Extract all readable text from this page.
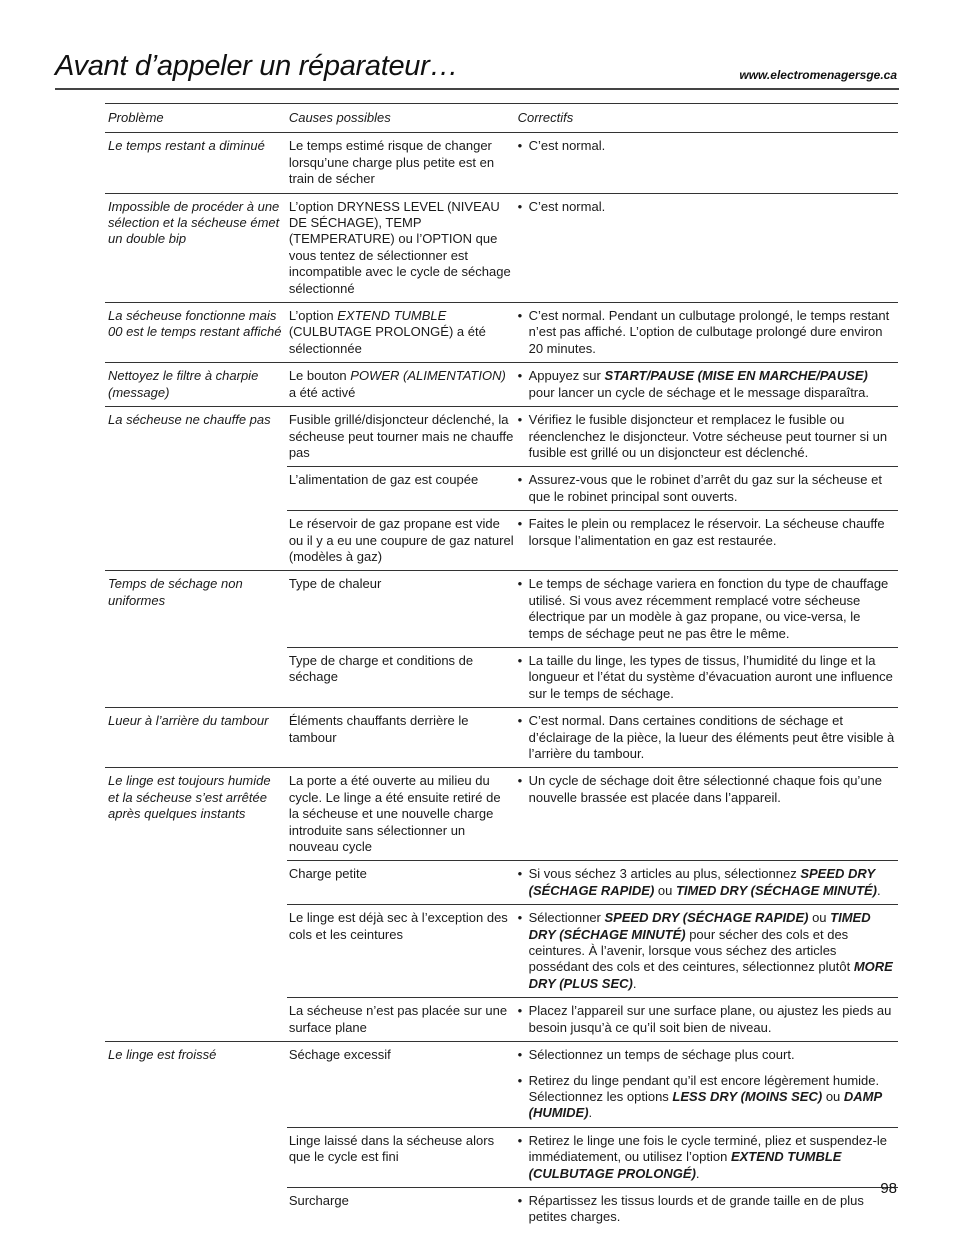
Avant d’appeler un réparateur…	www.electromenagersge.ca
Problème	Causes possibles	Correctifs
Le temps restant a diminué	Le temps estimé risque de changer lorsqu’une charge plus petite est en train de sécher	• C’est normal.

Impossible de procéder à une sélection et la sécheuse émet un double bip	L’option DRYNESS LEVEL (NIVEAU DE SÉCHAGE), TEMP (TEMPERATURE) ou l’OPTION que vous tentez de sélectionner est incompatible avec le cycle de séchage sélectionné	• C’est normal.

La sécheuse fonctionne mais 00 est le temps restant affiché	L’option EXTEND TUMBLE (CULBUTAGE PROLONGÉ) a été sélectionnée	• C’est normal. Pendant un culbutage prolongé, le temps restant n’est pas affiché. L’option de culbutage prolongé dure environ 20 minutes.

Nettoyez le filtre à charpie (message)	Le bouton POWER (ALIMENTATION) a été activé	• Appuyez sur START/PAUSE (MISE EN MARCHE/PAUSE) pour lancer un cycle de séchage et le message disparaîtra.

La sécheuse ne chauffe pas	Fusible grillé/disjoncteur déclenché, la sécheuse peut tourner mais ne chauffe pas	• Vérifiez le fusible disjoncteur et remplacez le fusible ou réenclenchez le disjoncteur. Votre sécheuse peut tourner si un fusible est grillé ou un disjoncteur est déclenché.

	L’alimentation de gaz est coupée	• Assurez-vous que le robinet d’arrêt du gaz sur la sécheuse et que le robinet principal sont ouverts.

	Le réservoir de gaz propane est vide ou il y a eu une coupure de gaz naturel (modèles à gaz)	• Faites le plein ou remplacez le réservoir. La sécheuse chauffe lorsque l’alimentation en gaz est restaurée.

Temps de séchage non uniformes	Type de chaleur	• Le temps de séchage variera en fonction du type de chauffage utilisé. Si vous avez récemment remplacé votre sécheuse électrique par un modèle à gaz propane, ou vice-versa, le temps de séchage peut ne pas être le même.

	Type de charge et conditions de séchage	• La taille du linge, les types de tissus, l’humidité du linge et la longueur et l’état du système d’évacuation auront une influence sur le temps de séchage.

Lueur à l’arrière du tambour	Éléments chauffants derrière le tambour	• C’est normal. Dans certaines conditions de séchage et d’éclairage de la pièce, la lueur des éléments peut être visible à l’arrière du tambour.

Le linge est toujours humide et la sécheuse s’est arrêtée après quelques instants	La porte a été ouverte au milieu du cycle. Le linge a été ensuite retiré de la sécheuse et une nouvelle charge introduite sans sélectionner un nouveau cycle	• Un cycle de séchage doit être sélectionné chaque fois qu’une nouvelle brassée est placée dans l’appareil.

	Charge petite	• Si vous séchez 3 articles au plus, sélectionnez SPEED DRY (SÉCHAGE RAPIDE) ou TIMED DRY (SÉCHAGE MINUTÉ).

	Le linge est déjà sec à l’exception des cols et les ceintures	• Sélectionner SPEED DRY (SÉCHAGE RAPIDE) ou TIMED DRY (SÉCHAGE MINUTÉ) pour sécher des cols et des ceintures. À l’avenir, lorsque vous séchez des articles possédant des cols et des ceintures, sélectionnez plutôt MORE DRY (PLUS SEC).

	La sécheuse n’est pas placée sur une surface plane	• Placez l’appareil sur une surface plane, ou ajustez les pieds au besoin jusqu’à ce qu’il soit bien de niveau.

Le linge est froissé	Séchage excessif	• Sélectionnez un temps de séchage plus court.
• Retirez du linge pendant qu’il est encore légèrement humide. Sélectionnez les options LESS DRY (MOINS SEC) ou DAMP (HUMIDE).

	Linge laissé dans la sécheuse alors que le cycle est fini	• Retirez le linge une fois le cycle terminé, pliez et suspendez-le immédiatement, ou utilisez l’option EXTEND TUMBLE (CULBUTAGE PROLONGÉ).

	Surcharge	• Répartissez les tissus lourds et de grande taille en de plus petites charges.
98
